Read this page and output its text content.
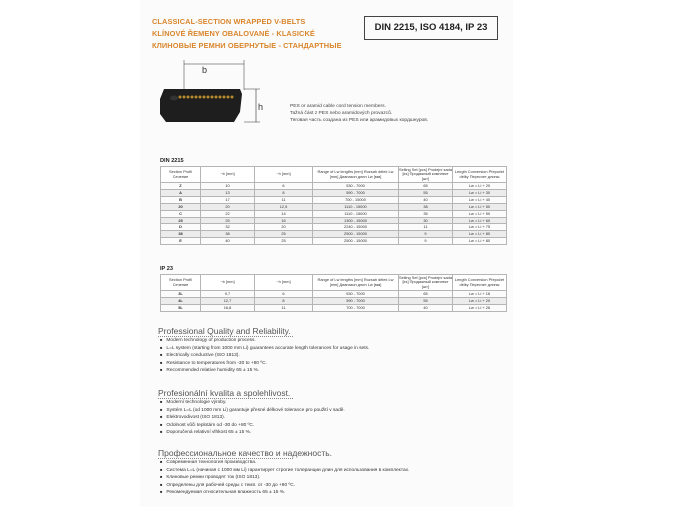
CLASSICAL-SECTION WRAPPED V-BELTS
KLÍNOVÉ ŘEMENY OBALOVANÉ - KLASICKÉ
КЛИНОВЫЕ РЕМНИ ОБЕРНУТЫЕ - СТАНДАРТНЫЕ
DIN 2215, ISO 4184, IP 23
b
h	PES or aramid cable cord tension members.
Tažná část z PES nebo aramidových provazců.
Тяговая часть создана из PES или арамидовых кордшнуров.
DIN 2215
Section Profil Сечение	~b [mm]	~h [mm]	Range of Lw lengths [mm] Rozsah délek Lw [mm] Диапазон длин Lw [мм]	Selling Set [pcs] Prodejní sada [ks] Продажный комплект [шт]	Length Conversion Přepočet délky Пересчет длины
Z	10	6	530 - 7000	65	Lw = Li + 20
A	13	8	590 - 7000	55	Lw = Li + 30
B	17	11	700 - 15000	40	Lw = Li + 40
20	20	12,5	1110 - 15000	38	Lw = Li + 50
C	22	14	1110 - 15000	35	Lw = Li + 50
25	25	16	1300 - 15000	30	Lw = Li + 60
D	32	20	2240 - 15000	11	Lw = Li + 75
38	38	25	2500 - 15000	9	Lw = Li + 80
E	40	25	2500 - 15000	9	Lw = Li + 80
IP 23
Section Profil Сечение	~b [mm]	~h [mm]	Range of Lw lengths [mm] Rozsah délek Lw [mm] Диапазон длин Lw [мм]	Selling Set [pcs] Prodejní sada [ks] Продажный комплект [шт]	Length Conversion Přepočet délky Пересчет длины
3L	9,7	6	530 - 7000	65	Lw = Li + 16
4L	12,7	8	590 - 7000	55	Lw = Li + 20
5L	16,8	11	700 - 7000	40	Lw = Li + 26
Professional Quality and Reliability.
■ Modern technology of production process.
■ L=L system (starting from 1000 mm Li) guarantees accurate length tolerances for usage in sets.
■ Electrically conductive (ISO 1813).
■ Resistance to temperatures from -30 to +80 ºC.
■ Recommended relative humidity 65 ± 15 %.
Profesionální kvalita a spolehlivost.
■ Moderní technologie výroby.
■ Systém L=L (od 1000 mm Li) garantuje přesné délkové tolerance pro použití v sadě.
■ Elektrovodivost (ISO 1813).
■ Odolnost vůči teplotám od -30 do +80 ºC.
■ Doporučená relativní vlhkost 65 ± 15 %.
Профессиональное качество и надежность.
■ Современная технология производства.
■ Система L=L (начиная с 1000 мм Li) гарантирует строгие толерaнции длин для использования в комплектах.
■ Клиновые ремни проводят ток (ISO 1813).
■ Определены для рабочей среды с темп. от -30 до +80 ºC.
■ Рекомендуемая относительная влажность 65 ± 15 %.
